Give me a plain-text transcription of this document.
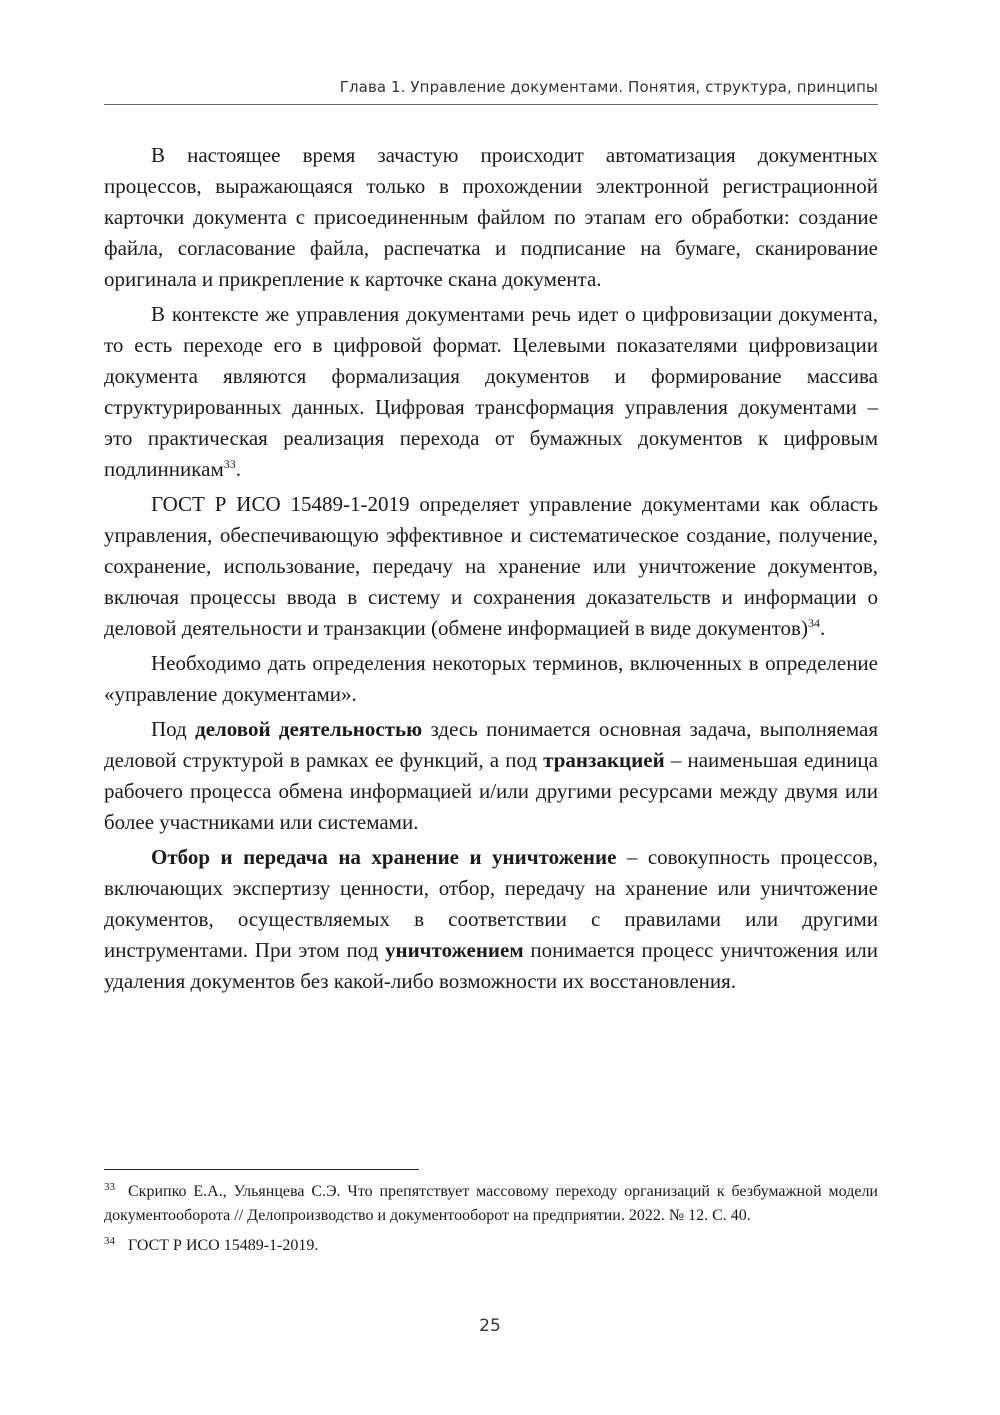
Глава 1. Управление документами. Понятия, структура, принципы

В настоящее время зачастую происходит автоматизация документных процессов, выражающаяся только в прохождении электронной регистрационной карточки документа с присоединенным файлом по этапам его обработки: создание файла, согласование файла, распечатка и подписание на бумаге, сканирование оригинала и прикрепление к карточке скана документа.

В контексте же управления документами речь идет о цифровизации документа, то есть переходе его в цифровой формат. Целевыми показателями цифровизации документа являются формализация документов и формирование массива структурированных данных. Цифровая трансформация управления документами – это практическая реализация перехода от бумажных документов к цифровым подлинникам$^{33}$.

ГОСТ Р ИСО 15489-1-2019 определяет управление документами как область управления, обеспечивающую эффективное и систематическое создание, получение, сохранение, использование, передачу на хранение или уничтожение документов, включая процессы ввода в систему и сохранения доказательств и информации о деловой деятельности и транзакции (обмене информацией в виде документов)$^{34}$.

Необходимо дать определения некоторых терминов, включенных в определение «управление документами».

Под деловой деятельностью здесь понимается основная задача, выполняемая деловой структурой в рамках ее функций, а под транзакцией – наименьшая единица рабочего процесса обмена информацией и/или другими ресурсами между двумя или более участниками или системами.

Отбор и передача на хранение и уничтожение – совокупность процессов, включающих экспертизу ценности, отбор, передачу на хранение или уничтожение документов, осуществляемых в соответствии с правилами или другими инструментами. При этом под уничтожением понимается процесс уничтожения или удаления документов без какой-либо возможности их восстановления.

33 Скрипко Е.А., Ульянцева С.Э. Что препятствует массовому переходу организаций к безбумажной модели документооборота // Делопроизводство и документооборот на предприятии. 2022. № 12. С. 40.

34 ГОСТ Р ИСО 15489-1-2019.

25
